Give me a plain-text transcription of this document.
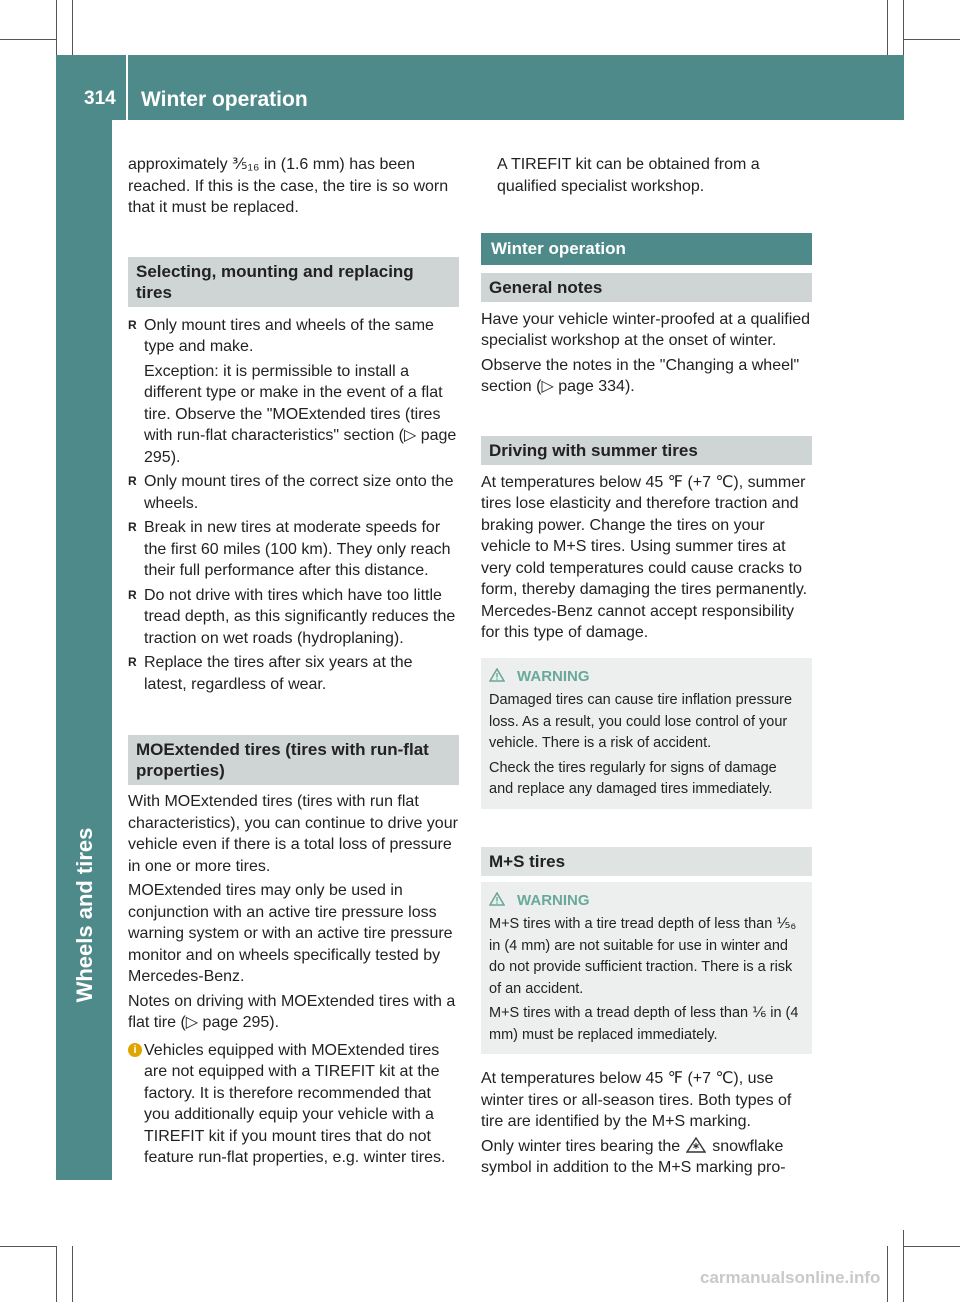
314 Winter operation
Wheels and tires

approximately ⅗₁₆ in (1.6 mm) has been reached. If this is the case, the tire is so worn that it must be replaced.

Selecting, mounting and replacing tires
R Only mount tires and wheels of the same type and make.
Exception: it is permissible to install a different type or make in the event of a flat tire. Observe the "MOExtended tires (tires with run-flat characteristics" section (▷ page 295).
R Only mount tires of the correct size onto the wheels.
R Break in new tires at moderate speeds for the first 60 miles (100 km). They only reach their full performance after this distance.
R Do not drive with tires which have too little tread depth, as this significantly reduces the traction on wet roads (hydroplaning).
R Replace the tires after six years at the latest, regardless of wear.
MOExtended tires (tires with run-flat properties)

With MOExtended tires (tires with run flat characteristics), you can continue to drive your vehicle even if there is a total loss of pressure in one or more tires.

MOExtended tires may only be used in conjunction with an active tire pressure loss warning system or with an active tire pressure monitor and on wheels specifically tested by Mercedes-Benz.

Notes on driving with MOExtended tires with a flat tire (▷ page 295).

i Vehicles equipped with MOExtended tires are not equipped with a TIREFIT kit at the factory. It is therefore recommended that you additionally equip your vehicle with a TIREFIT kit if you mount tires that do not feature run-flat properties, e.g. winter tires.

A TIREFIT kit can be obtained from a qualified specialist workshop.

Winter operation
General notes

Have your vehicle winter-proofed at a qualified specialist workshop at the onset of winter.

Observe the notes in the "Changing a wheel" section (▷ page 334).

Driving with summer tires

At temperatures below 45 ℉ (+7 ℃), summer tires lose elasticity and therefore traction and braking power. Change the tires on your vehicle to M+S tires. Using summer tires at very cold temperatures could cause cracks to form, thereby damaging the tires permanently. Mercedes-Benz cannot accept responsibility for this type of damage.

WARNING
Damaged tires can cause tire inflation pressure loss. As a result, you could lose control of your vehicle. There is a risk of accident.
Check the tires regularly for signs of damage and replace any damaged tires immediately.
M+S tires
WARNING
M+S tires with a tire tread depth of less than ⅕₆ in (4 mm) are not suitable for use in winter and do not provide sufficient traction. There is a risk of an accident.
M+S tires with a tread depth of less than ⅙ in (4 mm) must be replaced immediately.

At temperatures below 45 ℉ (+7 ℃), use winter tires or all-season tires. Both types of tire are identified by the M+S marking.

Only winter tires bearing the snowflake symbol in addition to the M+S marking pro-

carmanualsonline.info
